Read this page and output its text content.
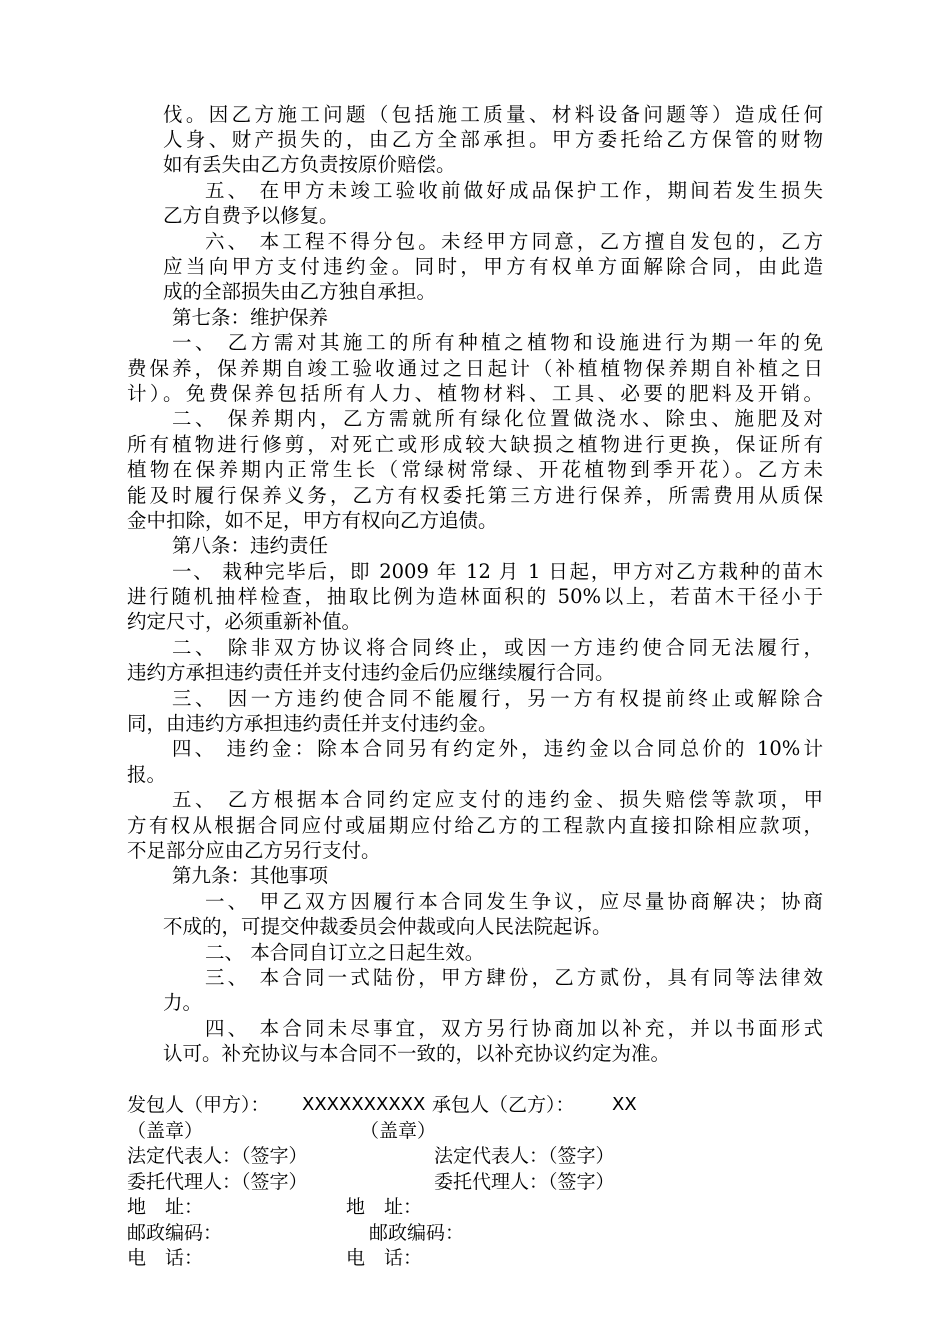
伐。因乙方施工问题（包括施工质量、材料设备问题等）造成任何
人身、财产损失的，由乙方全部承担。甲方委托给乙方保管的财物
如有丢失由乙方负责按原价赔偿。
五、 在甲方未竣工验收前做好成品保护工作，期间若发生损失
乙方自费予以修复。
六、 本工程不得分包。未经甲方同意，乙方擅自发包的，乙方
应当向甲方支付违约金。同时，甲方有权单方面解除合同，由此造
成的全部损失由乙方独自承担。
第七条：维护保养
一、 乙方需对其施工的所有种植之植物和设施进行为期一年的免
费保养，保养期自竣工验收通过之日起计（补植植物保养期自补植之日
计）。免费保养包括所有人力、植物材料、工具、必要的肥料及开销。
二、 保养期内，乙方需就所有绿化位置做浇水、除虫、施肥及对
所有植物进行修剪，对死亡或形成较大缺损之植物进行更换，保证所有
植物在保养期内正常生长（常绿树常绿、开花植物到季开花）。乙方未
能及时履行保养义务，乙方有权委托第三方进行保养，所需费用从质保
金中扣除，如不足，甲方有权向乙方追债。
第八条：违约责任
一、 栽种完毕后，即 2009 年 12 月 1 日起，甲方对乙方栽种的苗木
进行随机抽样检查，抽取比例为造林面积的 50%以上，若苗木干径小于
约定尺寸，必须重新补值。
二、 除非双方协议将合同终止，或因一方违约使合同无法履行，
违约方承担违约责任并支付违约金后仍应继续履行合同。
三、 因一方违约使合同不能履行，另一方有权提前终止或解除合
同，由违约方承担违约责任并支付违约金。
四、 违约金：除本合同另有约定外，违约金以合同总价的 10%计
报。
五、 乙方根据本合同约定应支付的违约金、损失赔偿等款项，甲
方有权从根据合同应付或届期应付给乙方的工程款内直接扣除相应款项，
不足部分应由乙方另行支付。
第九条：其他事项
一、 甲乙双方因履行本合同发生争议，应尽量协商解决；协商
不成的，可提交仲裁委员会仲裁或向人民法院起诉。
二、 本合同自订立之日起生效。
三、 本合同一式陆份，甲方肆份，乙方贰份，具有同等法律效
力。
四、 本合同未尽事宜，双方另行协商加以补充，并以书面形式
认可。补充协议与本合同不一致的，以补充协议约定为准。
发包人（甲方）： XXXXXXXXXX 承包人（乙方）： XX
（盖章）	（盖章）
法定代表人：（签字）	法定代表人：（签字）
委托代理人：（签字）	委托代理人：（签字）
地　址：	地　址：
邮政编码：	邮政编码：
电　话：	电　话：
